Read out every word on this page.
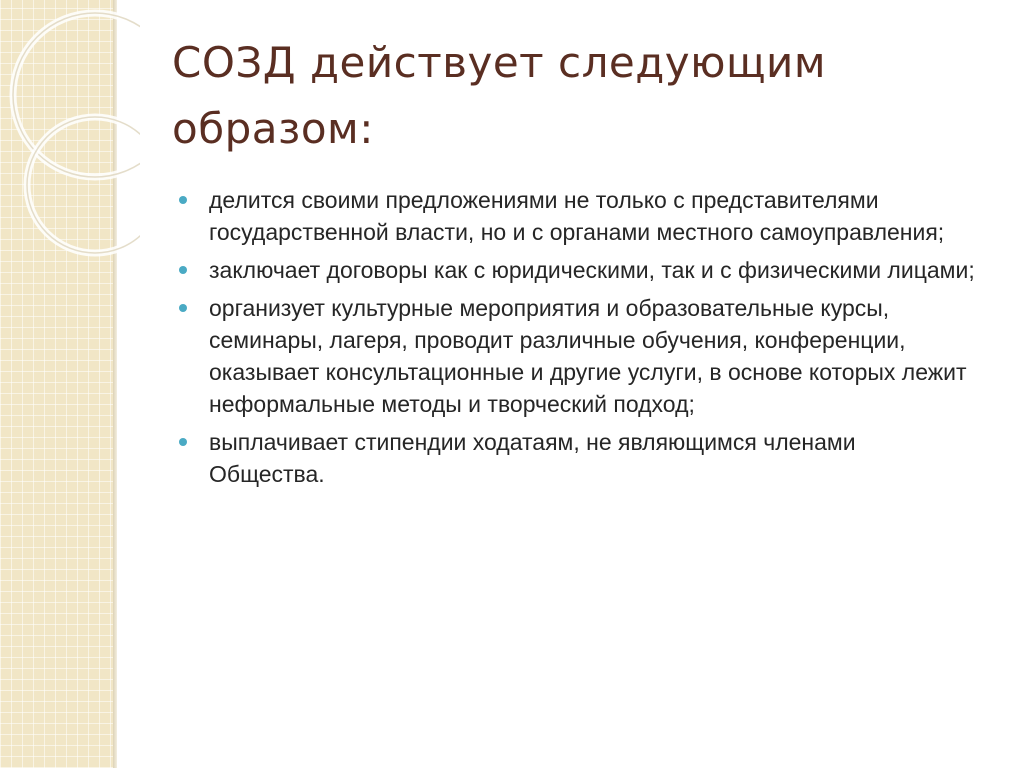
СОЗД действует следующим образом:
делится своими предложениями не только с представителями государственной власти, но и с органами местного самоуправления;
заключает договоры как с юридическими, так и с физическими лицами;
организует культурные мероприятия и образовательные курсы, семинары, лагеря, проводит различные обучения, конференции, оказывает консультационные и другие услуги, в основе которых лежит неформальные методы и творческий подход;
выплачивает стипендии ходатаям, не являющимся членами Общества.
